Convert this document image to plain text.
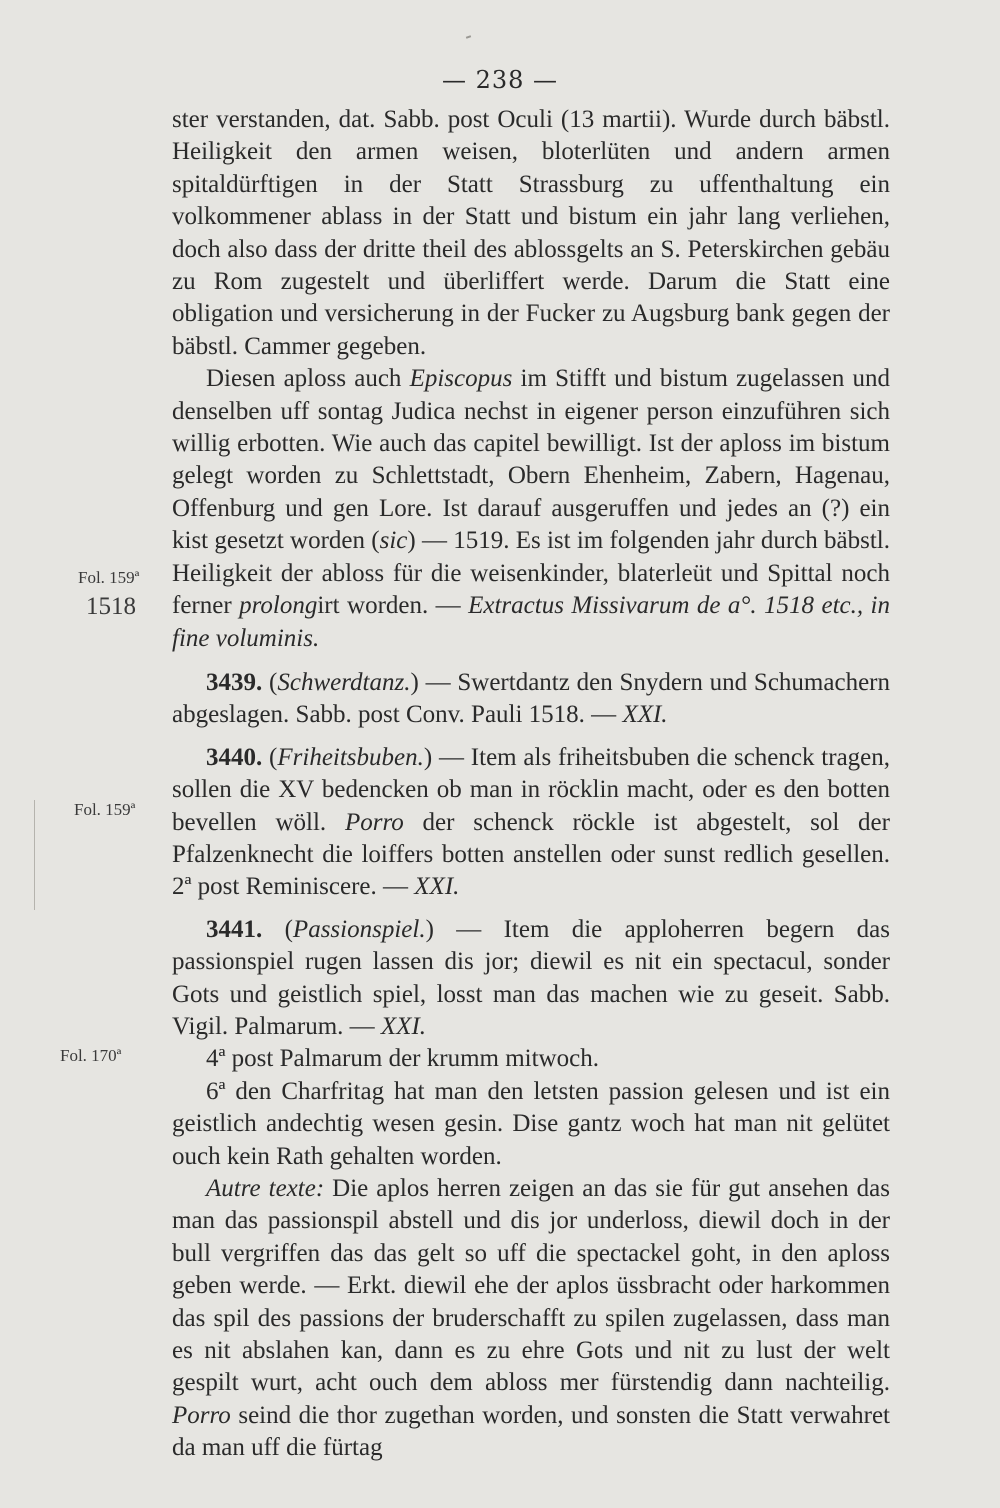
— 238 —
Fol. 159ª
1518
Fol. 159ª
Fol. 170ª

ster verstanden, dat. Sabb. post Oculi (13 martii). Wurde durch bäbstl. Heiligkeit den armen weisen, bloterlüten und andern armen spitaldürftigen in der Statt Strassburg zu uffenthaltung ein volkommener ablass in der Statt und bistum ein jahr lang verliehen, doch also dass der dritte theil des ablossgelts an S. Peterskirchen gebäu zu Rom zugestelt und überliffert werde. Darum die Statt eine obligation und versicherung in der Fucker zu Augsburg bank gegen der bäbstl. Cammer gegeben.

Diesen aploss auch Episcopus im Stifft und bistum zugelassen und denselben uff sontag Judica nechst in eigener person einzuführen sich willig erbotten. Wie auch das capitel bewilligt. Ist der aploss im bistum gelegt worden zu Schlettstadt, Obern Ehenheim, Zabern, Hagenau, Offenburg und gen Lore. Ist darauf ausgeruffen und jedes an (?) ein kist gesetzt worden (sic) — 1519. Es ist im folgenden jahr durch bäbstl. Heiligkeit der abloss für die weisenkinder, blaterleüt und Spittal noch ferner prolongirt worden. — Extractus Missivarum de a°. 1518 etc., in fine voluminis.

3439. (Schwerdtanz.) — Swertdantz den Snydern und Schumachern abgeslagen. Sabb. post Conv. Pauli 1518. — XXI.

3440. (Friheitsbuben.) — Item als friheitsbuben die schenck tragen, sollen die XV bedencken ob man in röcklin macht, oder es den botten bevellen wöll. Porro der schenck röckle ist abgestelt, sol der Pfalzenknecht die loiffers botten anstellen oder sunst redlich gesellen. 2ª post Reminiscere. — XXI.

3441. (Passionspiel.) — Item die apploherren begern das passionspiel rugen lassen dis jor; diewil es nit ein spectacul, sonder Gots und geistlich spiel, losst man das machen wie zu geseit. Sabb. Vigil. Palmarum. — XXI.

4ª post Palmarum der krumm mitwoch.

6ª den Charfritag hat man den letsten passion gelesen und ist ein geistlich andechtig wesen gesin. Dise gantz woch hat man nit gelütet ouch kein Rath gehalten worden.

Autre texte: Die aplos herren zeigen an das sie für gut ansehen das man das passionspil abstell und dis jor underloss, diewil doch in der bull vergriffen das das gelt so uff die spectackel goht, in den aploss geben werde. — Erkt. diewil ehe der aplos üssbracht oder harkommen das spil des passions der bruderschafft zu spilen zugelassen, dass man es nit abslahen kan, dann es zu ehre Gots und nit zu lust der welt gespilt wurt, acht ouch dem abloss mer fürstendig dann nachteilig. Porro seind die thor zugethan worden, und sonsten die Statt verwahret da man uff die fürtag
